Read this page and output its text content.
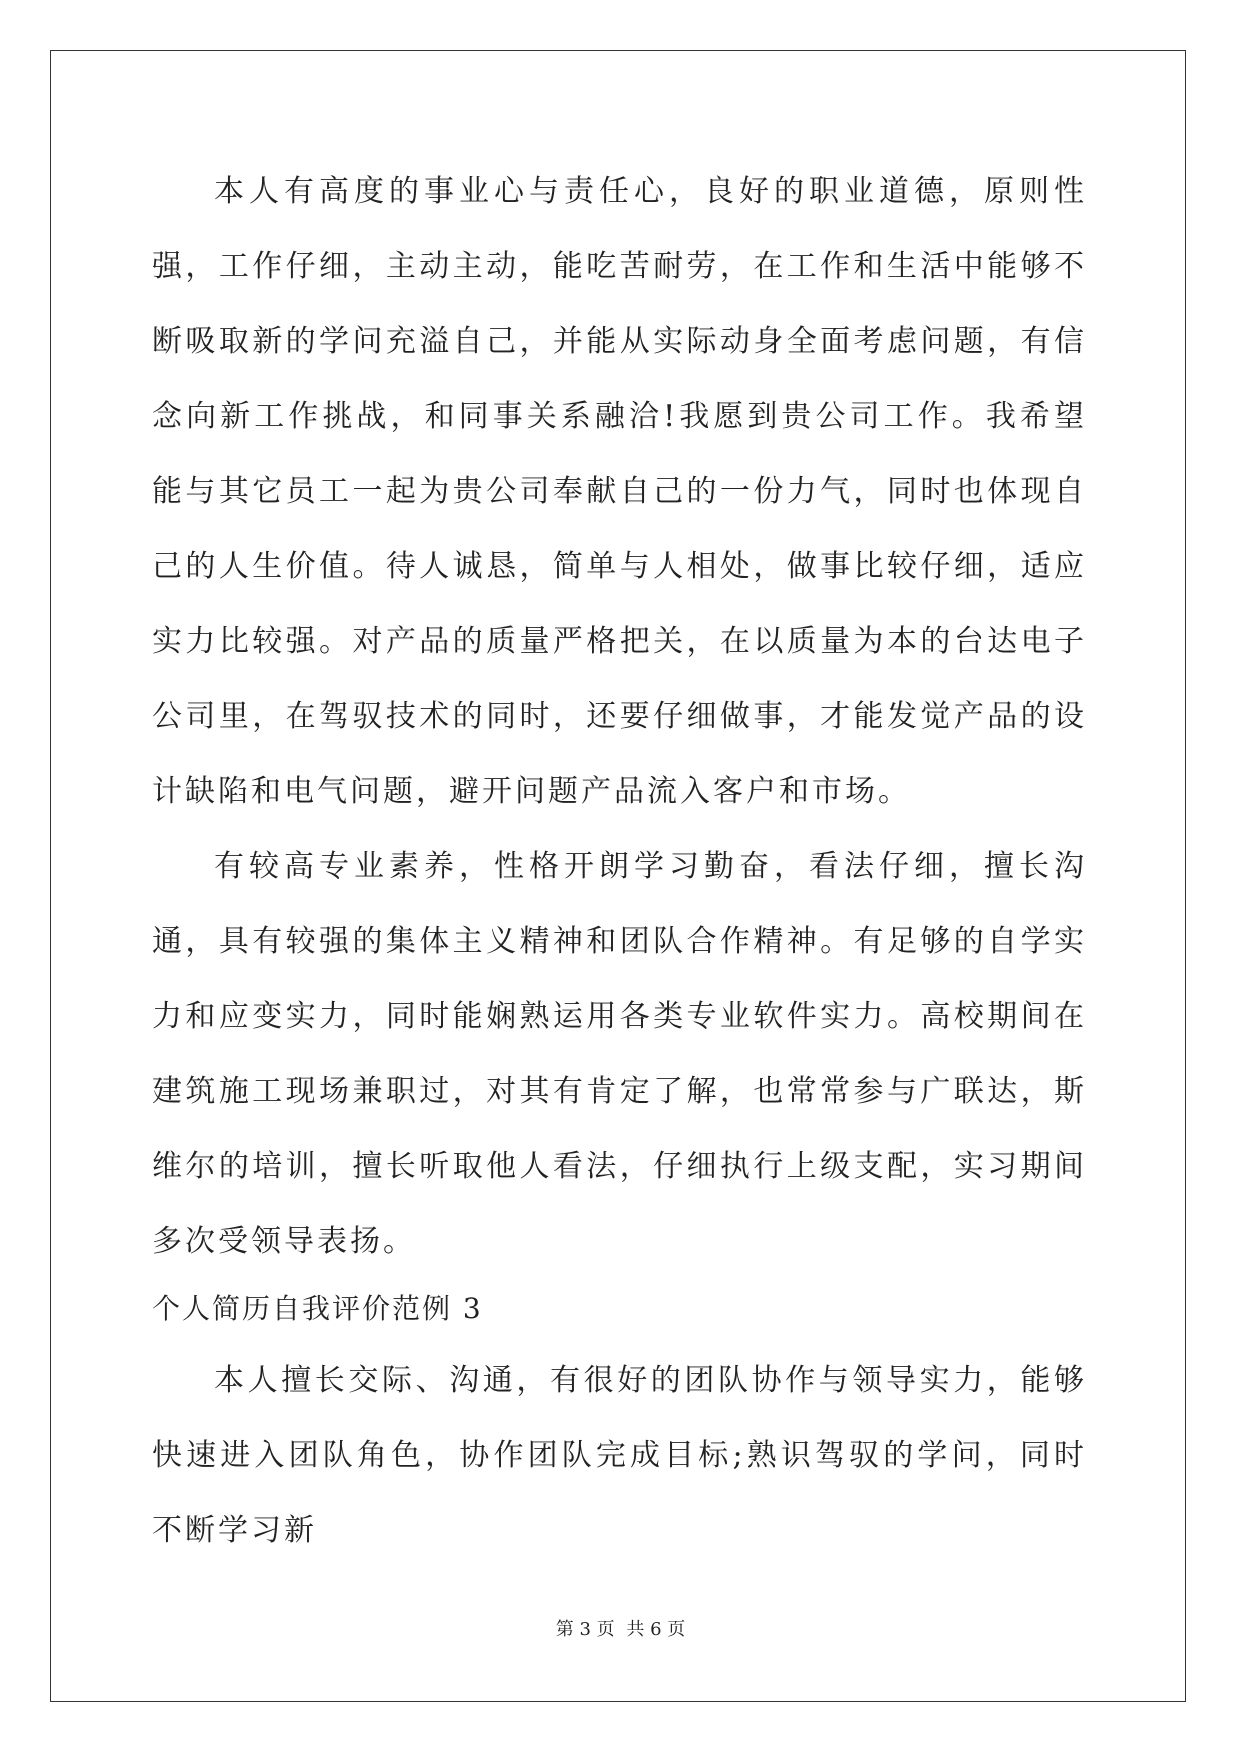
本人有高度的事业心与责任心，良好的职业道德，原则性强，工作仔细，主动主动，能吃苦耐劳，在工作和生活中能够不断吸取新的学问充溢自己，并能从实际动身全面考虑问题，有信念向新工作挑战，和同事关系融洽!我愿到贵公司工作。我希望能与其它员工一起为贵公司奉献自己的一份力气，同时也体现自己的人生价值。待人诚恳，简单与人相处，做事比较仔细，适应实力比较强。对产品的质量严格把关，在以质量为本的台达电子公司里，在驾驭技术的同时，还要仔细做事，才能发觉产品的设计缺陷和电气问题，避开问题产品流入客户和市场。

有较高专业素养，性格开朗学习勤奋，看法仔细，擅长沟通，具有较强的集体主义精神和团队合作精神。有足够的自学实力和应变实力，同时能娴熟运用各类专业软件实力。高校期间在建筑施工现场兼职过，对其有肯定了解，也常常参与广联达，斯维尔的培训，擅长听取他人看法，仔细执行上级支配，实习期间多次受领导表扬。

个人简历自我评价范例 3

本人擅长交际、沟通，有很好的团队协作与领导实力，能够快速进入团队角色，协作团队完成目标;熟识驾驭的学问，同时不断学习新

第 3 页 共 6 页
